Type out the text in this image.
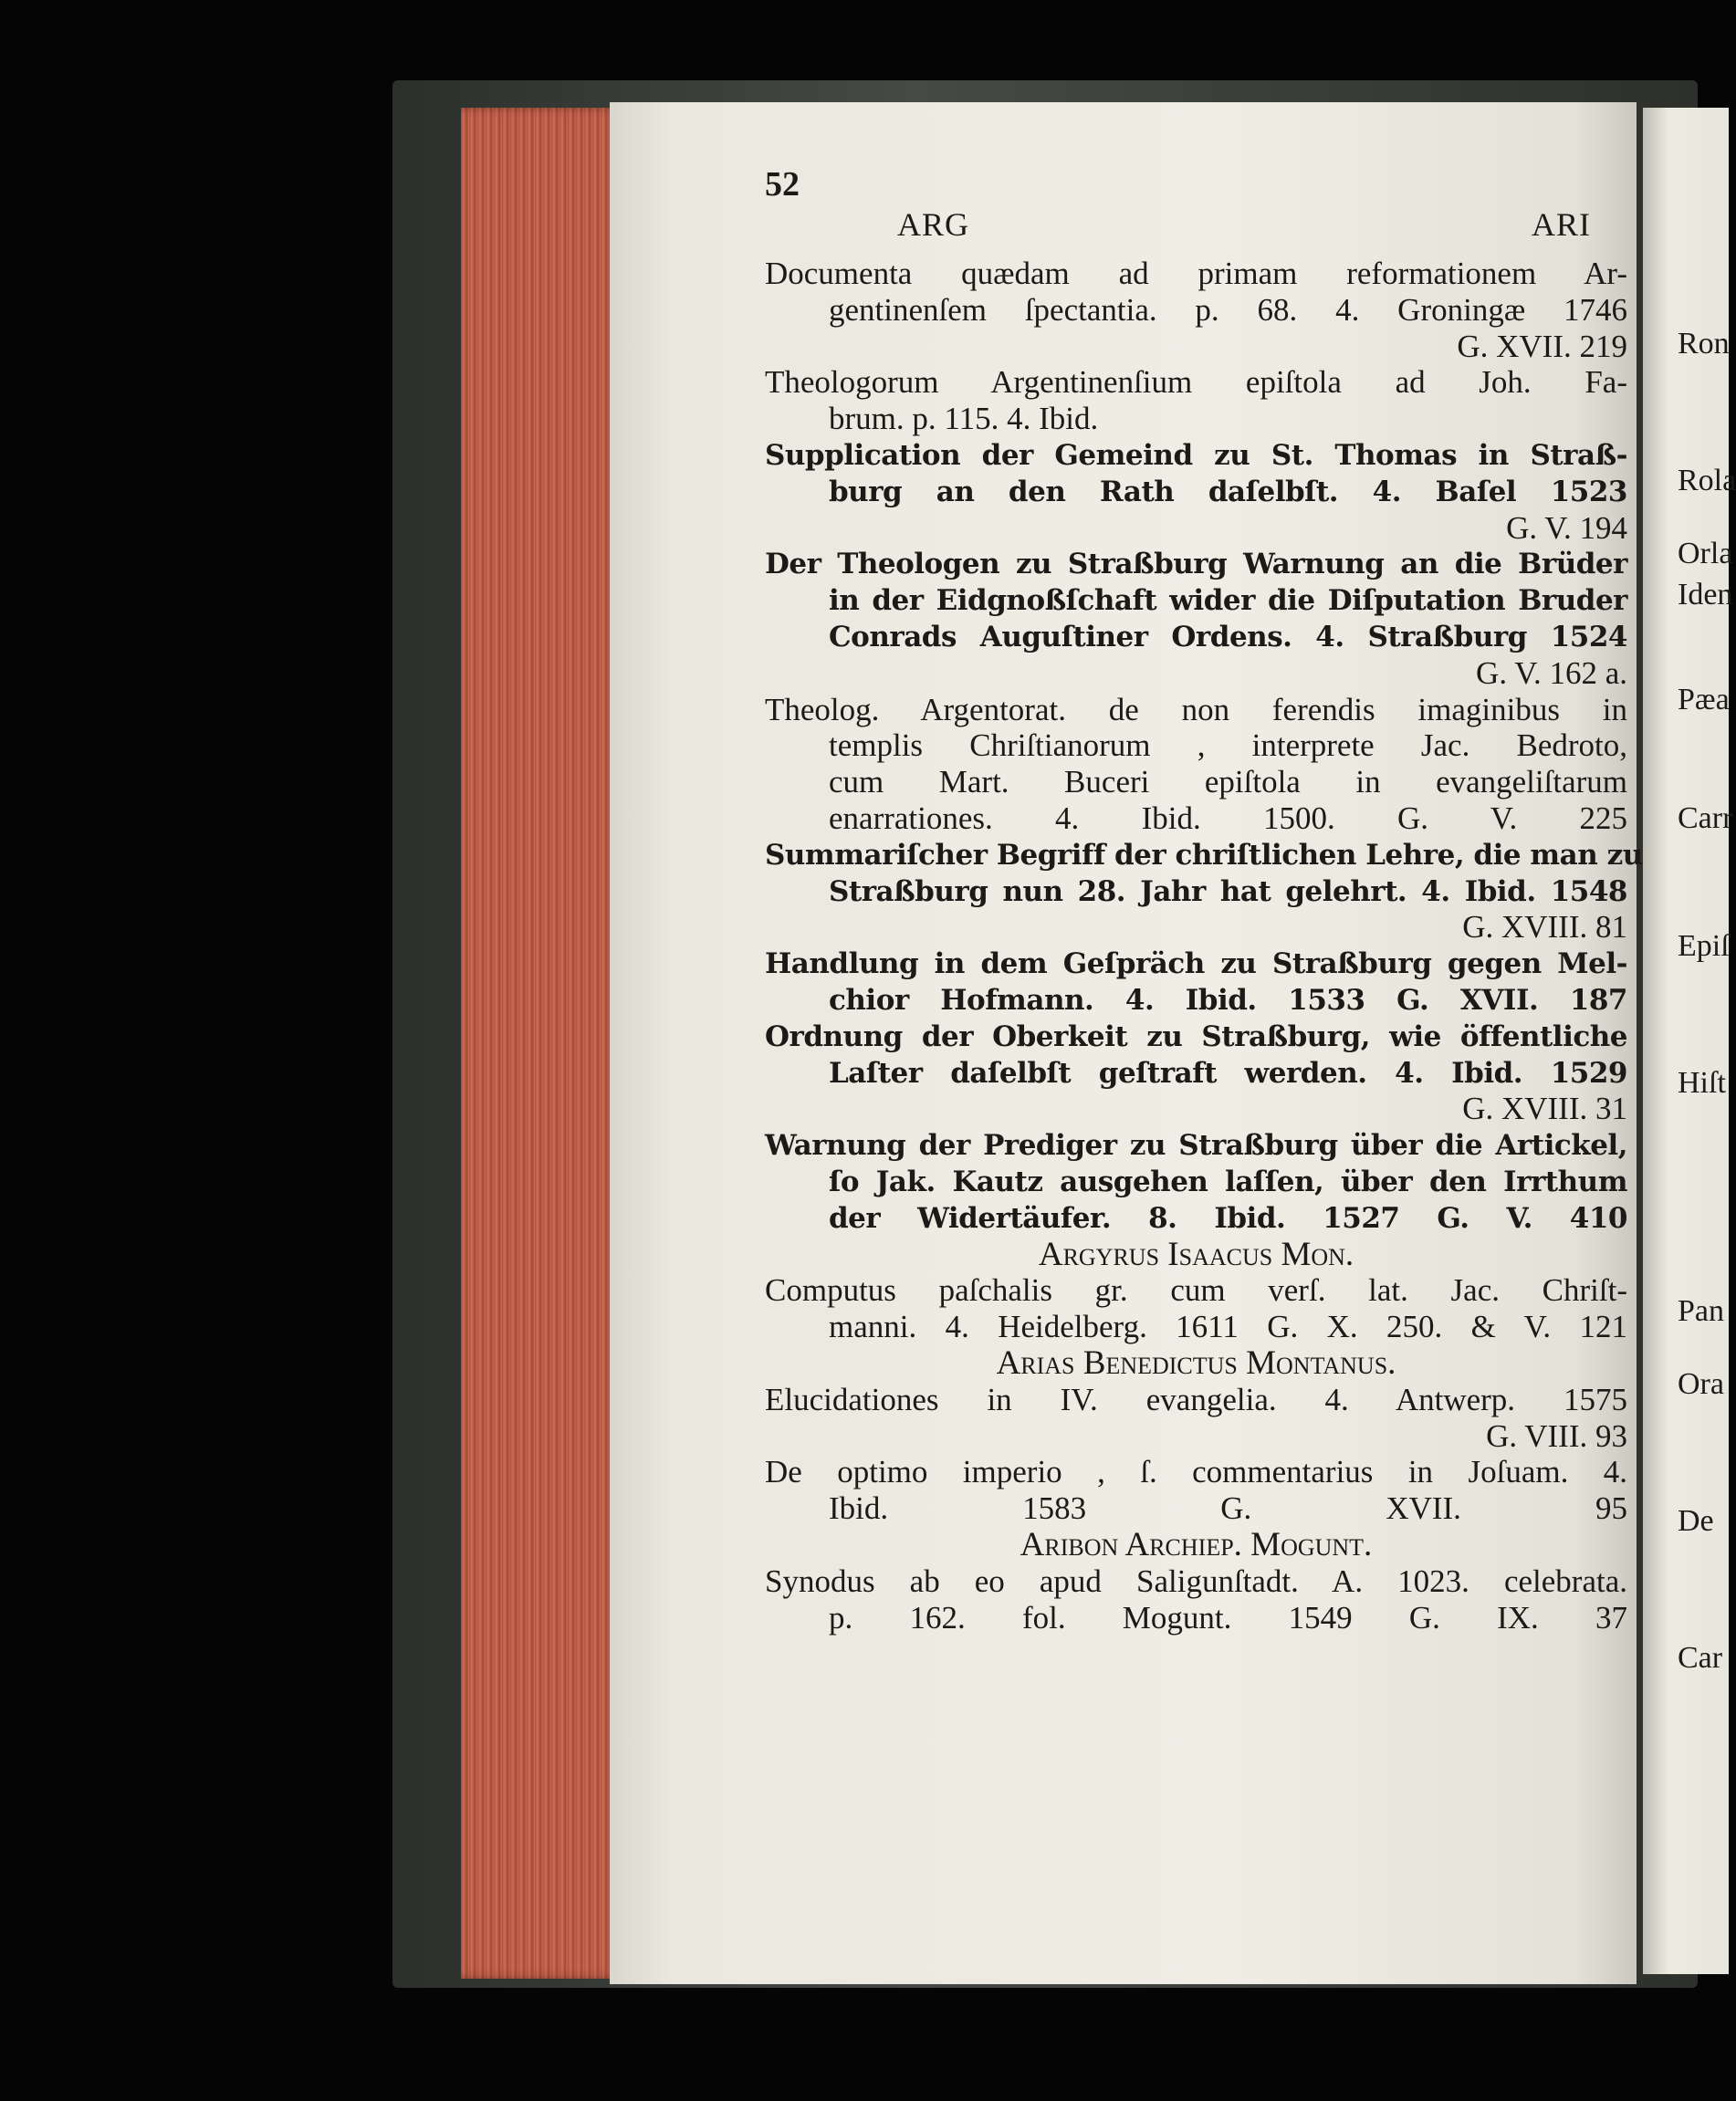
Ron
Rola
Orla
Iden
Pæa
Carr
Epiſ
Hiſt
Pan
Ora
De
Car
52
ARG	ARI
Documenta quædam ad primam reformationem Ar-
gentinenſem ſpectantia. p. 68. 4. Groningæ 1746
G. XVII. 219
Theologorum Argentinenſium epiſtola ad Joh. Fa-
brum. p. 115. 4. Ibid.
Supplication der Gemeind zu St. Thomas in Straß-
burg an den Rath daſelbſt. 4. Baſel 1523
G. V. 194
Der Theologen zu Straßburg Warnung an die Brüder
in der Eidgnoßſchaft wider die Diſputation Bruder
Conrads Auguſtiner Ordens. 4. Straßburg 1524
G. V. 162 a.
Theolog. Argentorat. de non ferendis imaginibus in
templis Chriſtianorum , interprete Jac. Bedroto,
cum Mart. Buceri epiſtola in evangeliſtarum
enarrationes. 4. Ibid. 1500. G. V. 225
Summariſcher Begriff der chriſtlichen Lehre, die man zu
Straßburg nun 28. Jahr hat gelehrt. 4. Ibid. 1548
G. XVIII. 81
Handlung in dem Geſpräch zu Straßburg gegen Mel-
chior Hofmann. 4. Ibid. 1533 G. XVII. 187
Ordnung der Oberkeit zu Straßburg, wie öffentliche
Laſter daſelbſt geſtraft werden. 4. Ibid. 1529
G. XVIII. 31
Warnung der Prediger zu Straßburg über die Artickel,
ſo Jak. Kautz ausgehen laſſen, über den Irrthum
der Widertäufer. 8. Ibid. 1527 G. V. 410
Argyrus Iſaacus Mon.
Computus paſchalis gr. cum verſ. lat. Jac. Chriſt-
manni. 4. Heidelberg. 1611 G. X. 250. & V. 121
Arias Benedictus Montanus.
Elucidationes in IV. evangelia. 4. Antwerp. 1575
G. VIII. 93
De optimo imperio , ſ. commentarius in Joſuam. 4.
Ibid. 1583 G. XVII. 95
Aribon Archiep. Mogunt.
Synodus ab eo apud Saligunſtadt. A. 1023. celebrata.
p. 162. fol. Mogunt. 1549 G. IX. 37
